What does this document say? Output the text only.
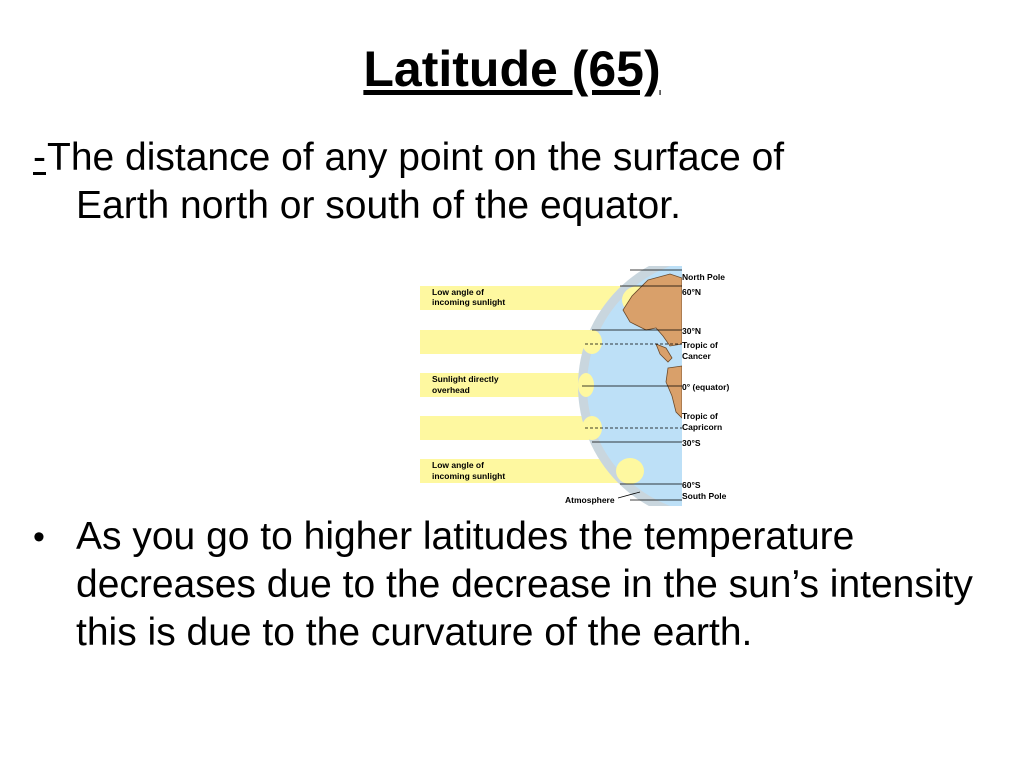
Latitude (65)
-The distance of any point on the surface of
Earth north or south of the equator.
Low angle of
incoming sunlight
Sunlight directly
overhead
Low angle of
incoming sunlight
North Pole
60°N
30°N
Tropic of
Cancer
0° (equator)
Tropic of
Capricorn
30°S
60°S
South Pole
Atmosphere
• As you go to higher latitudes the temperature decreases due to the decrease in the sun’s intensity this is due to the curvature of the earth.
